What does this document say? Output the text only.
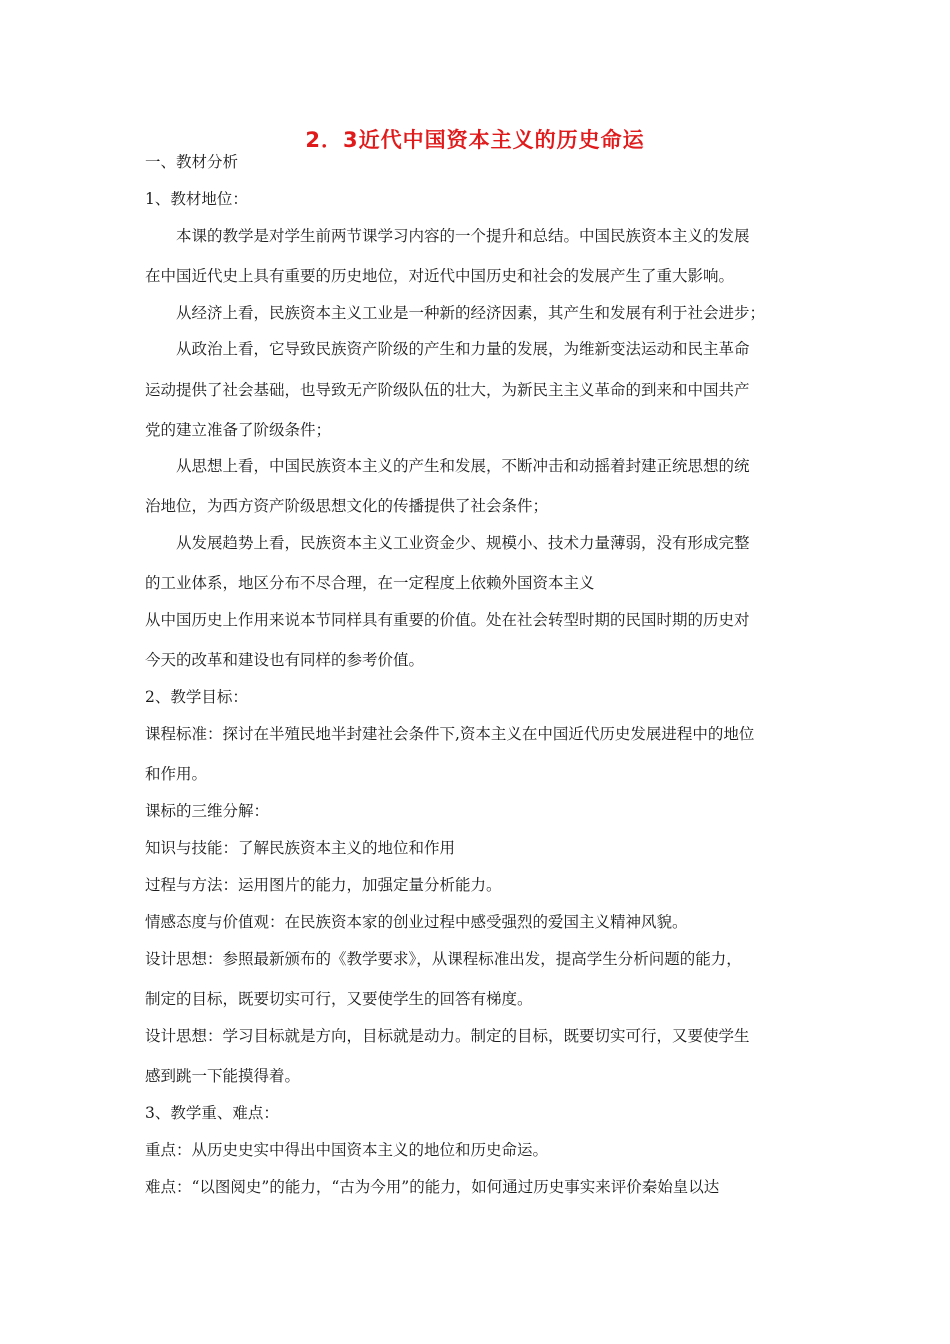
2．3近代中国资本主义的历史命运

一、教材分析

1、教材地位：

本课的教学是对学生前两节课学习内容的一个提升和总结。中国民族资本主义的发展

在中国近代史上具有重要的历史地位，对近代中国历史和社会的发展产生了重大影响。

从经济上看，民族资本主义工业是一种新的经济因素，其产生和发展有利于社会进步；

从政治上看，它导致民族资产阶级的产生和力量的发展，为维新变法运动和民主革命

运动提供了社会基础，也导致无产阶级队伍的壮大，为新民主主义革命的到来和中国共产

党的建立准备了阶级条件；

从思想上看，中国民族资本主义的产生和发展，不断冲击和动摇着封建正统思想的统

治地位，为西方资产阶级思想文化的传播提供了社会条件；

从发展趋势上看，民族资本主义工业资金少、规模小、技术力量薄弱，没有形成完整

的工业体系，地区分布不尽合理，在一定程度上依赖外国资本主义

从中国历史上作用来说本节同样具有重要的价值。处在社会转型时期的民国时期的历史对

今天的改革和建设也有同样的参考价值。

2、教学目标：

课程标准：探讨在半殖民地半封建社会条件下,资本主义在中国近代历史发展进程中的地位

和作用。

课标的三维分解：

知识与技能：了解民族资本主义的地位和作用

过程与方法：运用图片的能力，加强定量分析能力。

情感态度与价值观：在民族资本家的创业过程中感受强烈的爱国主义精神风貌。

设计思想：参照最新颁布的《教学要求》，从课程标准出发，提高学生分析问题的能力，

制定的目标，既要切实可行，又要使学生的回答有梯度。

设计思想：学习目标就是方向，目标就是动力。制定的目标，既要切实可行，又要使学生

感到跳一下能摸得着。

3、教学重、难点：

重点：从历史史实中得出中国资本主义的地位和历史命运。

难点：“以图阅史”的能力，“古为今用”的能力，如何通过历史事实来评价秦始皇以达
